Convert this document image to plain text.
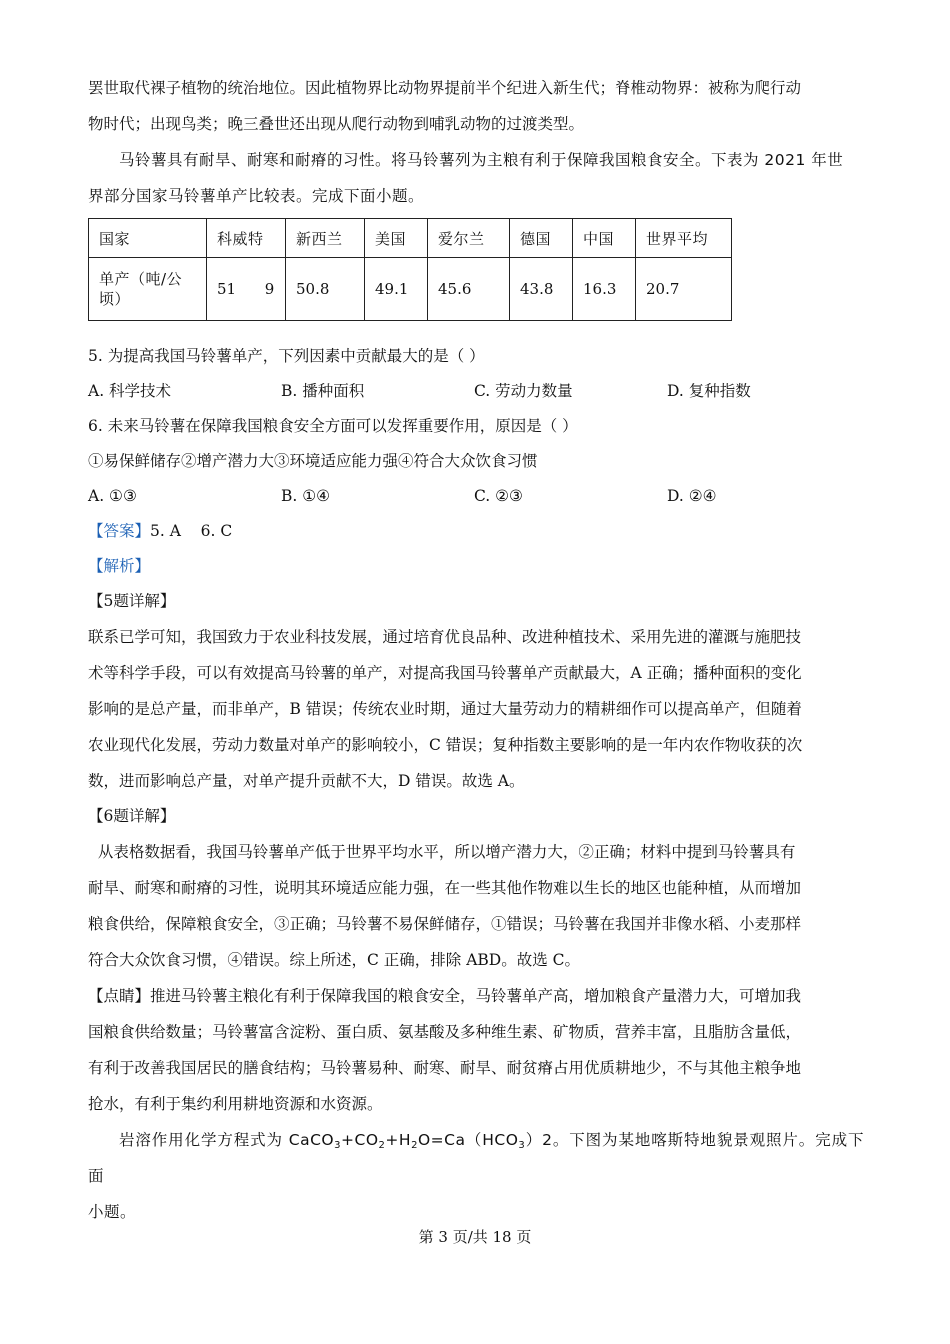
罢世取代裸子植物的统治地位。因此植物界比动物界提前半个纪进入新生代；脊椎动物界：被称为爬行动

物时代；出现鸟类；晚三叠世还出现从爬行动物到哺乳动物的过渡类型。

马铃薯具有耐旱、耐寒和耐瘠的习性。将马铃薯列为主粮有利于保障我国粮食安全。下表为 2021 年世

界部分国家马铃薯单产比较表。完成下面小题。

国家	科威特	新西兰	美国	爱尔兰	德国	中国	世界平均
单产（吨/公顷）	51      9	50.8	49.1	45.6	43.8	16.3	20.7

5. 为提高我国马铃薯单产，下列因素中贡献最大的是（ ）

A. 科学技术	B. 播种面积	C. 劳动力数量	D. 复种指数

6. 未来马铃薯在保障我国粮食安全方面可以发挥重要作用，原因是（ ）

①易保鲜储存②增产潜力大③环境适应能力强④符合大众饮食习惯

A. ①③	B. ①④	C. ②③	D. ②④

【答案】5. A    6. C

【解析】

【5题详解】

联系已学可知，我国致力于农业科技发展，通过培育优良品种、改进种植技术、采用先进的灌溉与施肥技

术等科学手段，可以有效提高马铃薯的单产，对提高我国马铃薯单产贡献最大，A 正确；播种面积的变化

影响的是总产量，而非单产，B 错误；传统农业时期，通过大量劳动力的精耕细作可以提高单产，但随着

农业现代化发展，劳动力数量对单产的影响较小，C 错误；复种指数主要影响的是一年内农作物收获的次

数，进而影响总产量，对单产提升贡献不大，D 错误。故选 A。

【6题详解】

从表格数据看，我国马铃薯单产低于世界平均水平，所以增产潜力大，②正确；材料中提到马铃薯具有

耐旱、耐寒和耐瘠的习性，说明其环境适应能力强，在一些其他作物难以生长的地区也能种植，从而增加

粮食供给，保障粮食安全，③正确；马铃薯不易保鲜储存，①错误；马铃薯在我国并非像水稻、小麦那样

符合大众饮食习惯，④错误。综上所述，C 正确，排除 ABD。故选 C。

【点睛】推进马铃薯主粮化有利于保障我国的粮食安全，马铃薯单产高，增加粮食产量潜力大，可增加我

国粮食供给数量；马铃薯富含淀粉、蛋白质、氨基酸及多种维生素、矿物质，营养丰富，且脂肪含量低，

有利于改善我国居民的膳食结构；马铃薯易种、耐寒、耐旱、耐贫瘠占用优质耕地少，不与其他主粮争地

抢水，有利于集约利用耕地资源和水资源。

岩溶作用化学方程式为 $CaCO_3+CO_2+H_2O=Ca(HCO_3)2$。下图为某地喀斯特地貌景观照片。完成下面

小题。

第 3 页/共 18 页
